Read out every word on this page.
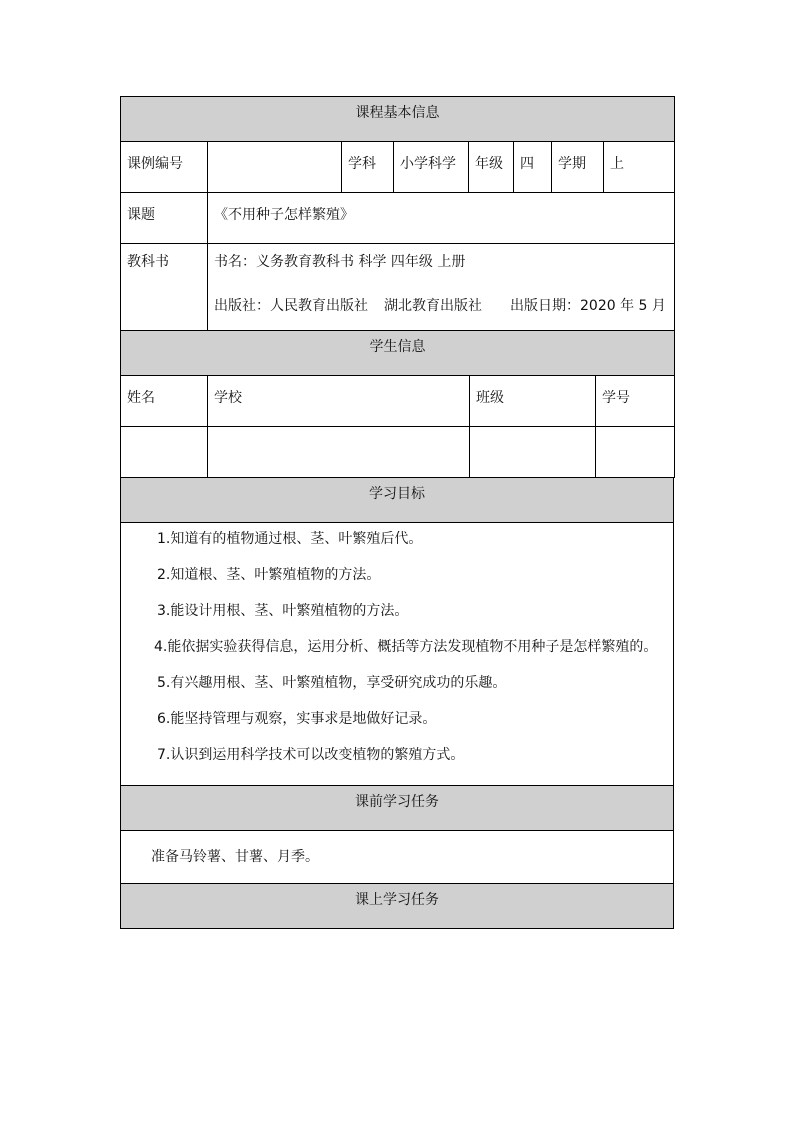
课程基本信息							
课例编号		学科	小学科学	年级	四	学期	上
课题	《不用种子怎样繁殖》						
教科书	书名：义务教育教科书 科学 四年级 上册
出版社：人民教育出版社 湖北教育出版社 出版日期：2020 年 5 月						

学生信息							
姓名	学校	班级	学号

学习目标

1.知道有的植物通过根、茎、叶繁殖后代。
2.知道根、茎、叶繁殖植物的方法。
3.能设计用根、茎、叶繁殖植物的方法。
4.能依据实验获得信息，运用分析、概括等方法发现植物不用种子是怎样繁殖的。
5.有兴趣用根、茎、叶繁殖植物，享受研究成功的乐趣。
6.能坚持管理与观察，实事求是地做好记录。
7.认识到运用科学技术可以改变植物的繁殖方式。

课前学习任务
准备马铃薯、甘薯、月季。
课上学习任务
